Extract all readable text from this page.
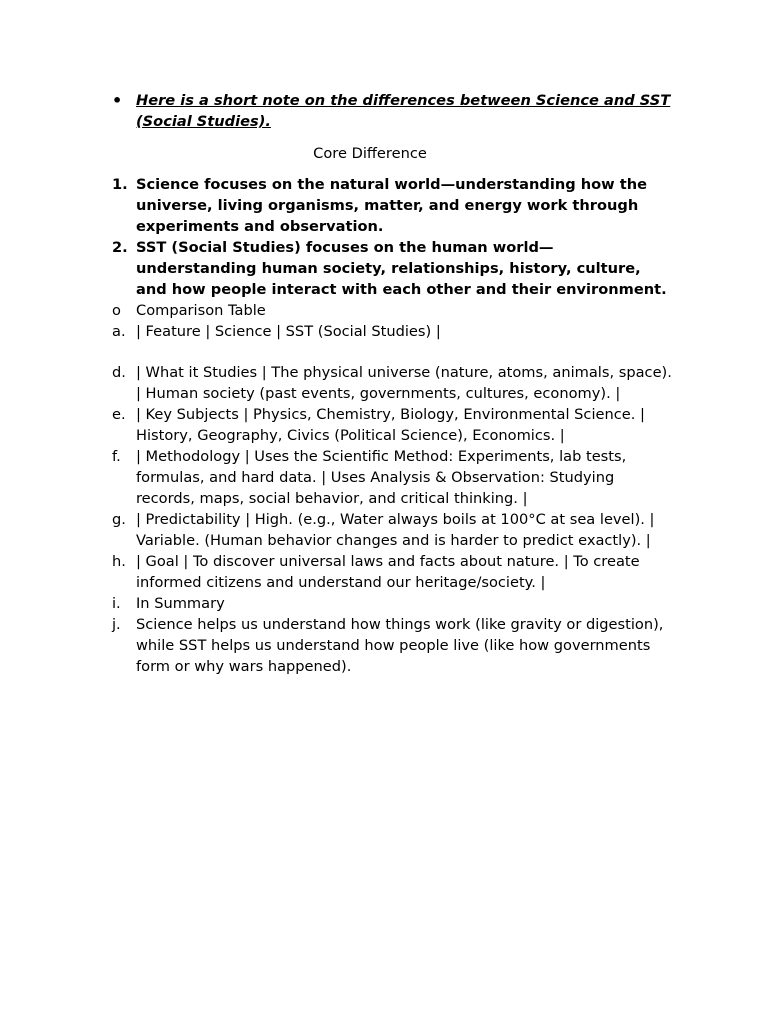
• Here is a short note on the differences between Science and SST (Social Studies).
Core Difference
1. Science focuses on the natural world—understanding how the universe, living organisms, matter, and energy work through experiments and observation.
2. SST (Social Studies) focuses on the human world—understanding human society, relationships, history, culture, and how people interact with each other and their environment.
o Comparison Table
a. | Feature | Science | SST (Social Studies) |
d. | What it Studies | The physical universe (nature, atoms, animals, space). | Human society (past events, governments, cultures, economy). |
e. | Key Subjects | Physics, Chemistry, Biology, Environmental Science. | History, Geography, Civics (Political Science), Economics. |
f. | Methodology | Uses the Scientific Method: Experiments, lab tests, formulas, and hard data. | Uses Analysis & Observation: Studying records, maps, social behavior, and critical thinking. |
g. | Predictability | High. (e.g., Water always boils at 100°C at sea level). | Variable. (Human behavior changes and is harder to predict exactly). |
h. | Goal | To discover universal laws and facts about nature. | To create informed citizens and understand our heritage/society. |
i. In Summary
j. Science helps us understand how things work (like gravity or digestion), while SST helps us understand how people live (like how governments form or why wars happened).
